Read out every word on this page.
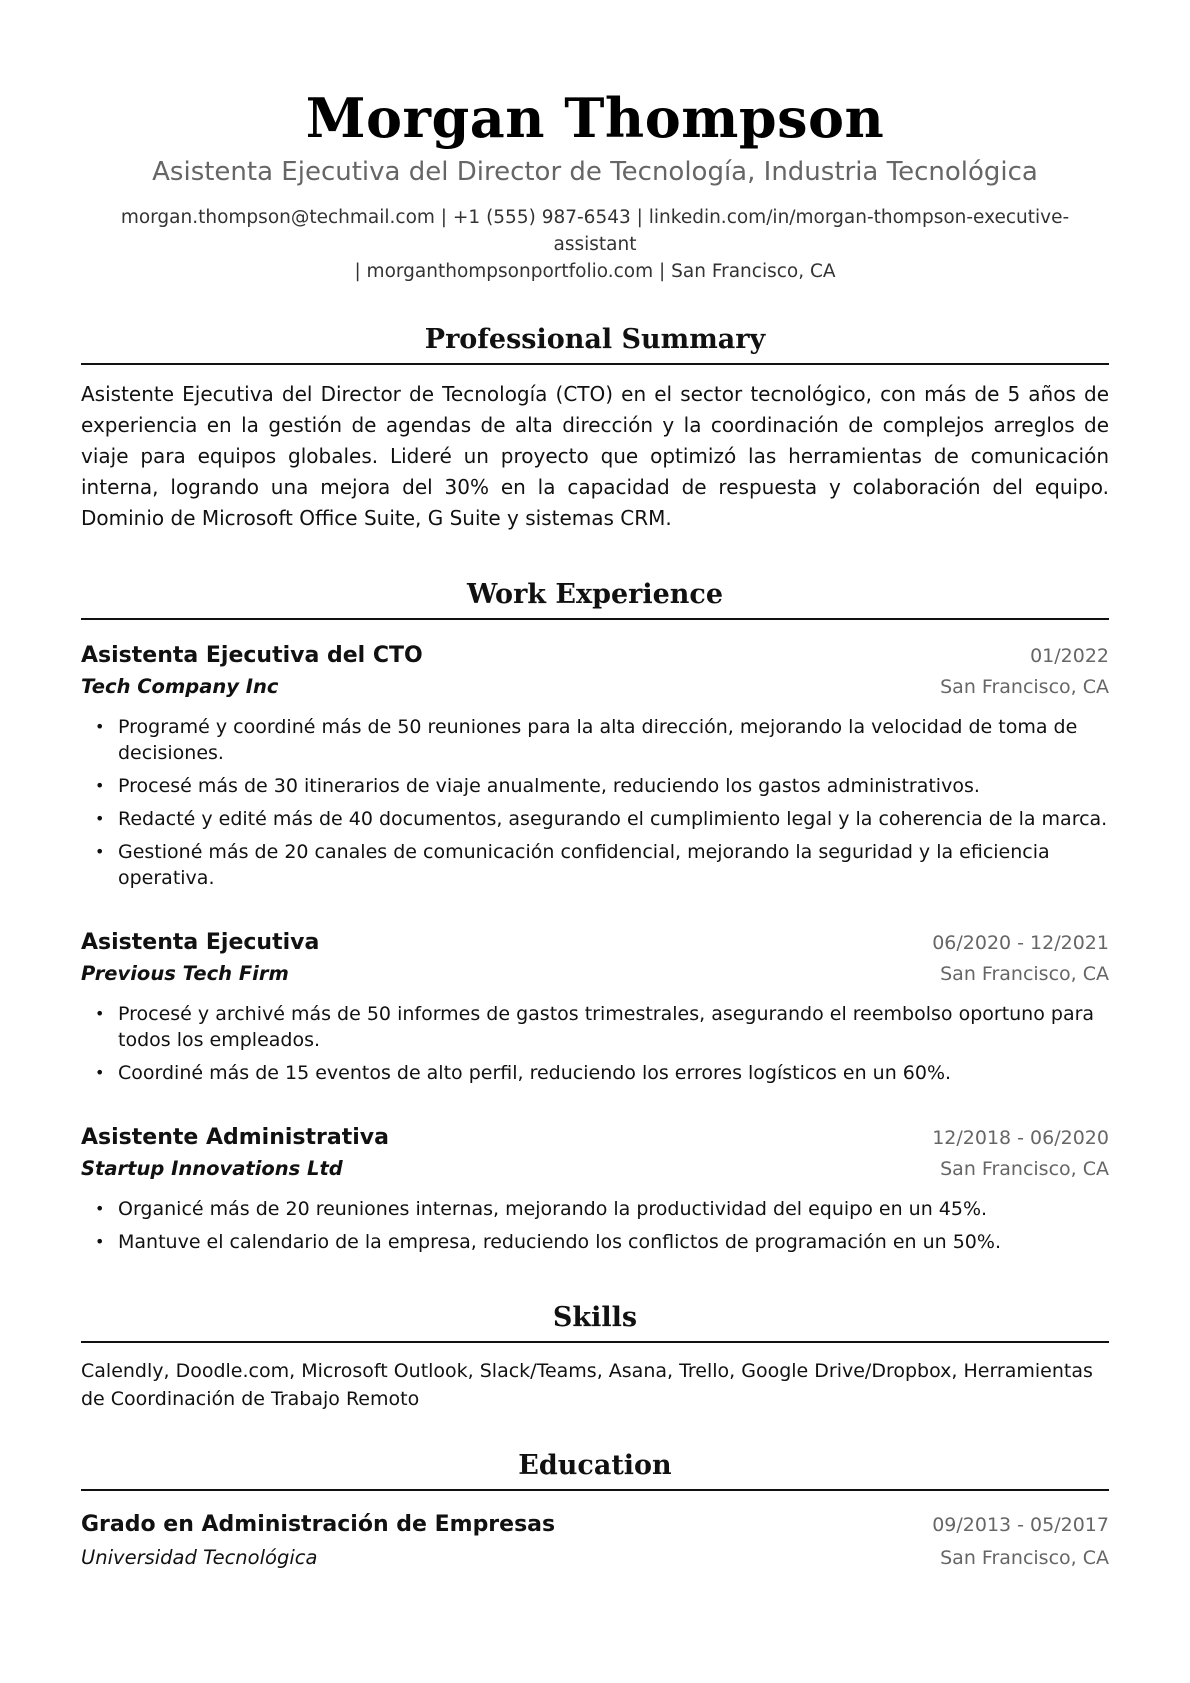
Morgan Thompson
Asistenta Ejecutiva del Director de Tecnología, Industria Tecnológica
morgan.thompson@techmail.com | +1 (555) 987-6543 | linkedin.com/in/morgan-thompson-executive-assistant
| morganthompsonportfolio.com | San Francisco, CA
Professional Summary

Asistente Ejecutiva del Director de Tecnología (CTO) en el sector tecnológico, con más de 5 años de experiencia en la gestión de agendas de alta dirección y la coordinación de complejos arreglos de viaje para equipos globales. Lideré un proyecto que optimizó las herramientas de comunicación interna, logrando una mejora del 30% en la capacidad de respuesta y colaboración del equipo. Dominio de Microsoft Office Suite, G Suite y sistemas CRM.

Work Experience
Asistenta Ejecutiva del CTO	01/2022
Tech Company Inc	San Francisco, CA
• Programé y coordiné más de 50 reuniones para la alta dirección, mejorando la velocidad de toma de decisiones.
• Procesé más de 30 itinerarios de viaje anualmente, reduciendo los gastos administrativos.
• Redacté y edité más de 40 documentos, asegurando el cumplimiento legal y la coherencia de la marca.
• Gestioné más de 20 canales de comunicación confidencial, mejorando la seguridad y la eficiencia operativa.
Asistenta Ejecutiva	06/2020 - 12/2021
Previous Tech Firm	San Francisco, CA
• Procesé y archivé más de 50 informes de gastos trimestrales, asegurando el reembolso oportuno para todos los empleados.
• Coordiné más de 15 eventos de alto perfil, reduciendo los errores logísticos en un 60%.
Asistente Administrativa	12/2018 - 06/2020
Startup Innovations Ltd	San Francisco, CA
• Organicé más de 20 reuniones internas, mejorando la productividad del equipo en un 45%.
• Mantuve el calendario de la empresa, reduciendo los conflictos de programación en un 50%.
Skills

Calendly, Doodle.com, Microsoft Outlook, Slack/Teams, Asana, Trello, Google Drive/Dropbox, Herramientas de Coordinación de Trabajo Remoto

Education
Grado en Administración de Empresas	09/2013 - 05/2017
Universidad Tecnológica	San Francisco, CA
